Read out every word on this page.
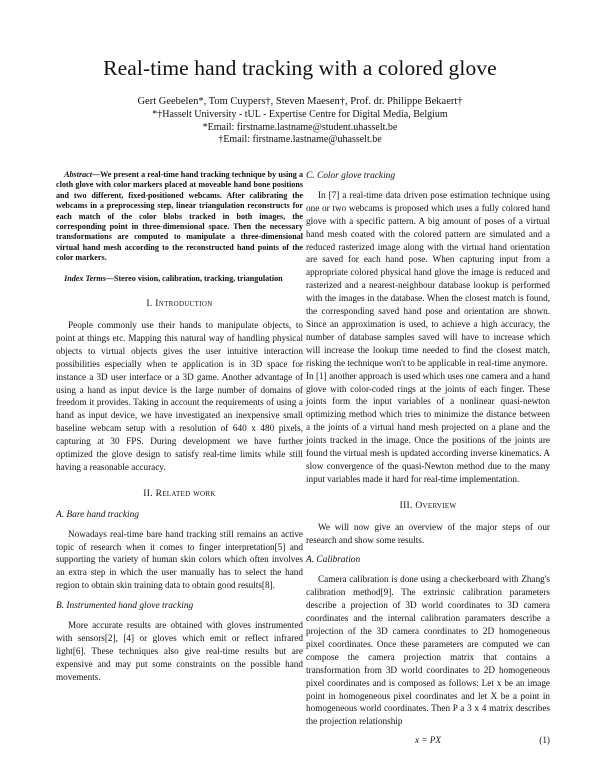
Real-time hand tracking with a colored glove
Gert Geebelen*, Tom Cuypers†, Steven Maesen†, Prof. dr. Philippe Bekaert†
*†Hasselt University - tUL - Expertise Centre for Digital Media, Belgium
*Email: firstname.lastname@student.uhasselt.be
†Email: firstname.lastname@uhasselt.be
 Abstract—We present a real-time hand tracking technique by using a cloth glove with color markers placed at moveable hand bone positions and two different, fixed-positioned webcams. After calibrating the webcams in a preprocessing step, linear triangulation reconstructs for each match of the color blobs tracked in both images, the corresponding point in three-dimensional space. Then the necessary transformations are computed to manipulate a three-dimensional virtual hand mesh according to the reconstructed hand points of the color markers.
 Index Terms—Stereo vision, calibration, tracking, triangulation
I. Introduction

People commonly use their hands to manipulate objects, to point at things etc. Mapping this natural way of handling physical objects to virtual objects gives the user intuitive interaction possibilities especially when te application is in 3D space for instance a 3D user interface or a 3D game. Another advantage of using a hand as input device is the large number of domains of freedom it provides. Taking in account the requirements of using a hand as input device, we have investigated an inexpensive small baseline webcam setup with a resolution of 640 x 480 pixels, capturing at 30 FPS. During development we have further optimized the glove design to satisfy real-time limits while still having a reasonable accuracy.

II. Related work
A. Bare hand tracking

Nowadays real-time bare hand tracking still remains an active topic of research when it comes to finger interpretation[5] and supporting the variety of human skin colors which often involves an extra step in which the user manually has to select the hand region to obtain skin training data to obtain good results[8].

B. Instrumented hand glove tracking

More accurate results are obtained with gloves instrumented with sensors[2], [4] or gloves which emit or reflect infrared light[6]. These techniques also give real-time results but are expensive and may put some constraints on the possible hand movements.

C. Color glove tracking

In [7] a real-time data driven pose estimation technique using one or two webcams is proposed which uses a fully colored hand glove with a specific pattern. A big amount of poses of a virtual hand mesh coated with the colored pattern are simulated and a reduced rasterized image along with the virtual hand orientation are saved for each hand pose. When capturing input from a appropriate colored physical hand glove the image is reduced and rasterized and a nearest-neighbour database lookup is performed with the images in the database. When the closest match is found, the corresponding saved hand pose and orientation are shown. Since an approximation is used, to achieve a high accuracy, the number of database samples saved will have to increase which will increase the lookup time needed to find the closest match, risking the technique won't to be applicable in real-time anymore.

In [1] another approach is used which uses one camera and a hand glove with color-coded rings at the joints of each finger. These joints form the input variables of a nonlinear quasi-newton optimizing method which tries to minimize the distance between a the joints of a virtual hand mesh projected on a plane and the joints tracked in the image. Once the positions of the joints are found the virtual mesh is updated according inverse kinematics. A slow convergence of the quasi-Newton method due to the many input variables made it hard for real-time implementation.

III. Overview

We will now give an overview of the major steps of our research and show some results.

A. Calibration

Camera calibration is done using a checkerboard with Zhang's calibration method[9]. The extrinsic calibration parameters describe a projection of 3D world coordinates to 3D camera coordinates and the internal calibration paramaters describe a projection of the 3D camera coordinates to 2D homogeneous pixel coordinates. Once these parameters are computed we can compose the camera projection matrix that contains a transformation from 3D world coordinates to 2D homogeneous pixel coordinates and is composed as follows: Let x be an image point in homogeneous pixel coordinates and let X be a point in homogeneous world coordinates. Then P a 3 x 4 matrix describes the projection relationship

x = PX	(1)
